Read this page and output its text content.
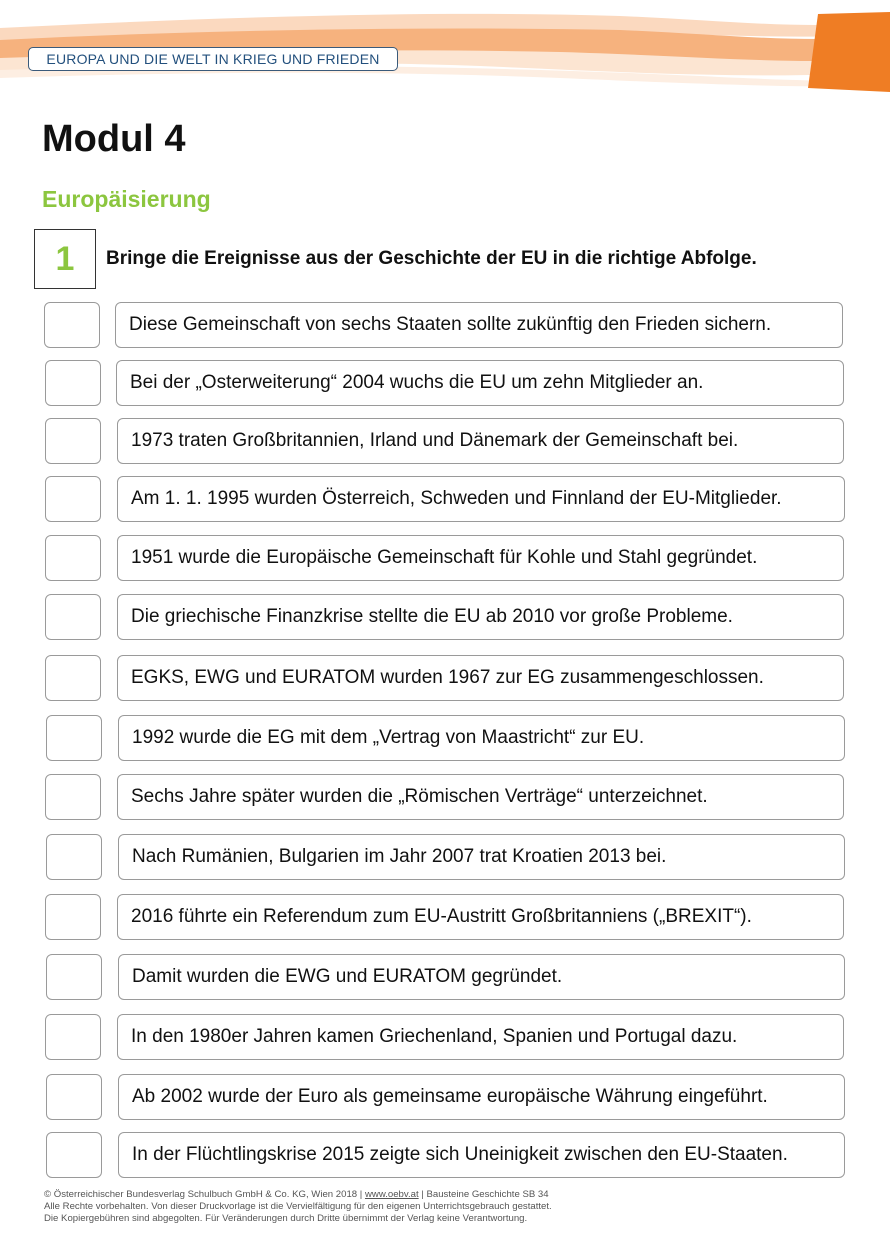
EUROPA UND DIE WELT IN KRIEG UND FRIEDEN
Modul 4
Europäisierung
1	Bringe die Ereignisse aus der Geschichte der EU in die richtige Abfolge.
Diese Gemeinschaft von sechs Staaten sollte zukünftig den Frieden sichern.
Bei der „Osterweiterung“ 2004 wuchs die EU um zehn Mitglieder an.
1973 traten Großbritannien, Irland und Dänemark der Gemeinschaft bei.
Am 1. 1. 1995 wurden Österreich, Schweden und Finnland der EU-Mitglieder.
1951 wurde die Europäische Gemeinschaft für Kohle und Stahl gegründet.
Die griechische Finanzkrise stellte die EU ab 2010 vor große Probleme.
EGKS, EWG und EURATOM wurden 1967 zur EG zusammengeschlossen.
1992 wurde die EG mit dem „Vertrag von Maastricht“ zur EU.
Sechs Jahre später wurden die „Römischen Verträge“ unterzeichnet.
Nach Rumänien, Bulgarien im Jahr 2007 trat Kroatien 2013 bei.
2016 führte ein Referendum zum EU-Austritt Großbritanniens („BREXIT“).
Damit wurden die EWG und EURATOM gegründet.
In den 1980er Jahren kamen Griechenland, Spanien und Portugal dazu.
Ab 2002 wurde der Euro als gemeinsame europäische Währung eingeführt.
In der Flüchtlingskrise 2015 zeigte sich Uneinigkeit zwischen den EU-Staaten.
© Österreichischer Bundesverlag Schulbuch GmbH & Co. KG, Wien 2018 | www.oebv.at | Bausteine Geschichte SB 34
Alle Rechte vorbehalten. Von dieser Druckvorlage ist die Vervielfältigung für den eigenen Unterrichtsgebrauch gestattet.
Die Kopiergebühren sind abgegolten. Für Veränderungen durch Dritte übernimmt der Verlag keine Verantwortung.
